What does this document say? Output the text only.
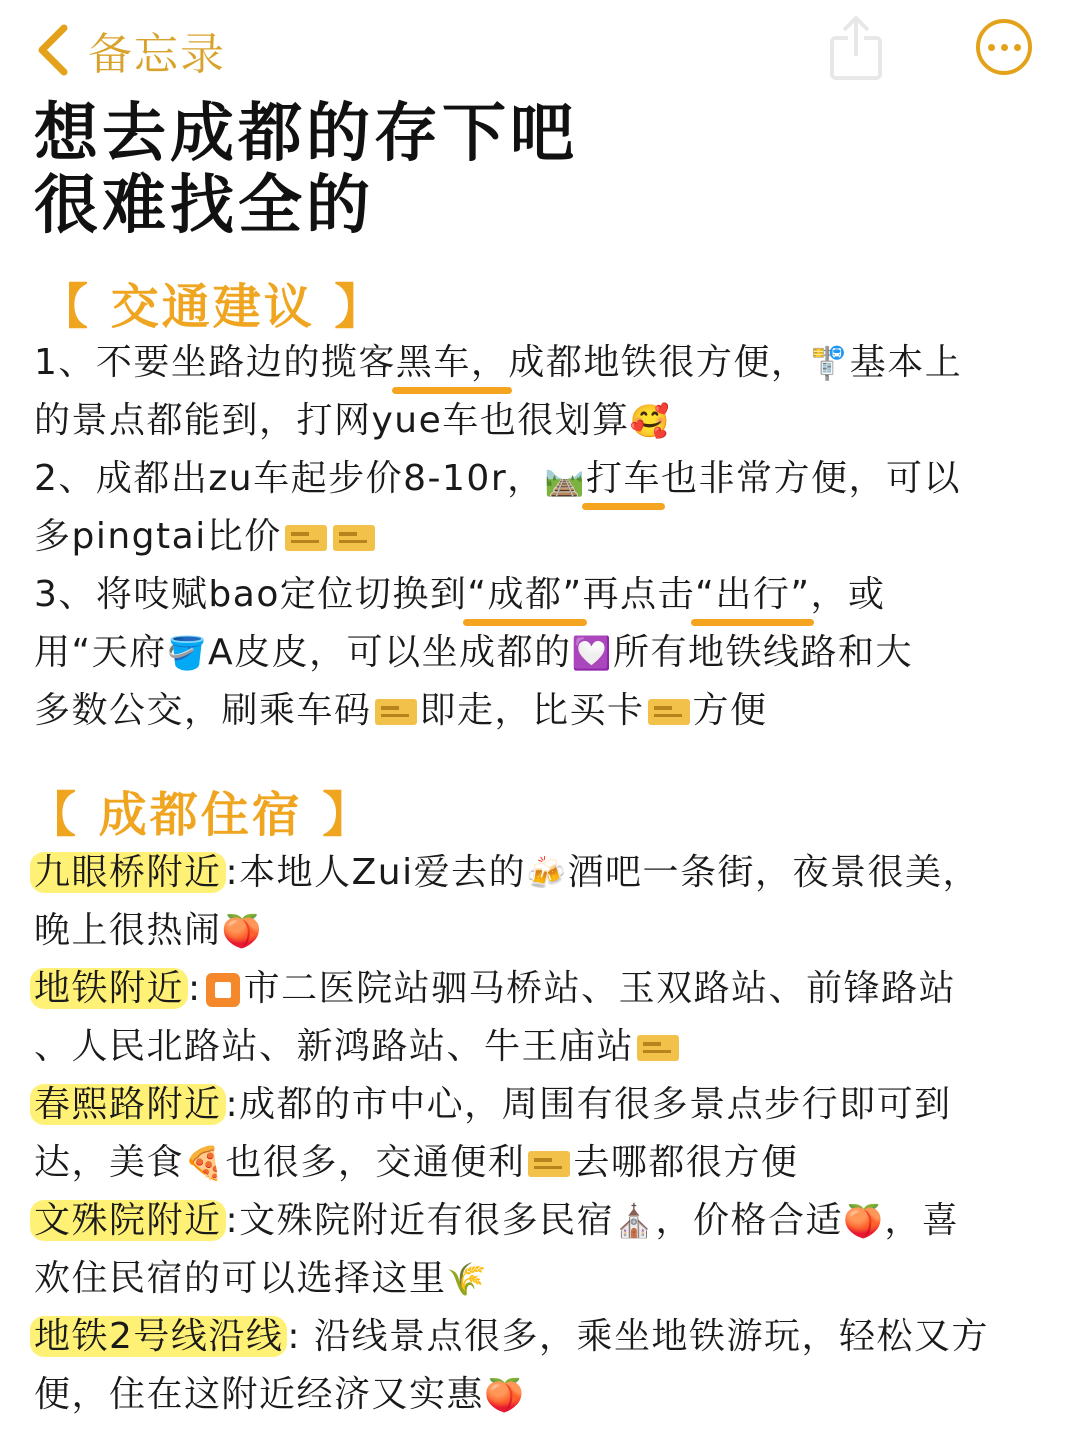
备忘录
想去成都的存下吧
很难找全的
【 交通建议 】
1、不要坐路边的揽客黑车，成都地铁很方便，🚏基本上
的景点都能到，打网yue车也很划算🥰
2、成都出zu车起步价8-10r，🛤️打车也非常方便，可以
多pingtai比价
3、将吱赋bao定位切换到“成都”再点击“出行”，或
用“天府🪣A皮皮，可以坐成都的💟所有地铁线路和大
多数公交，刷乘车码 即走，比买卡 方便
【 成都住宿 】
九眼桥附近 :本地人Zui爱去的🍻酒吧一条街，夜景很美，
晚上很热闹🍑
地铁附近 : 市二医院站驷马桥站、玉双路站、前锋路站
、人民北路站、新鸿路站、牛王庙站
春熙路附近 :成都的市中心，周围有很多景点步行即可到
达，美食🍕也很多，交通便利 去哪都很方便
文殊院附近 :文殊院附近有很多民宿⛪，价格合适🍑，喜
欢住民宿的可以选择这里🌾
地铁2号线沿线 : 沿线景点很多，乘坐地铁游玩，轻松又方
便，住在这附近经济又实惠🍑
